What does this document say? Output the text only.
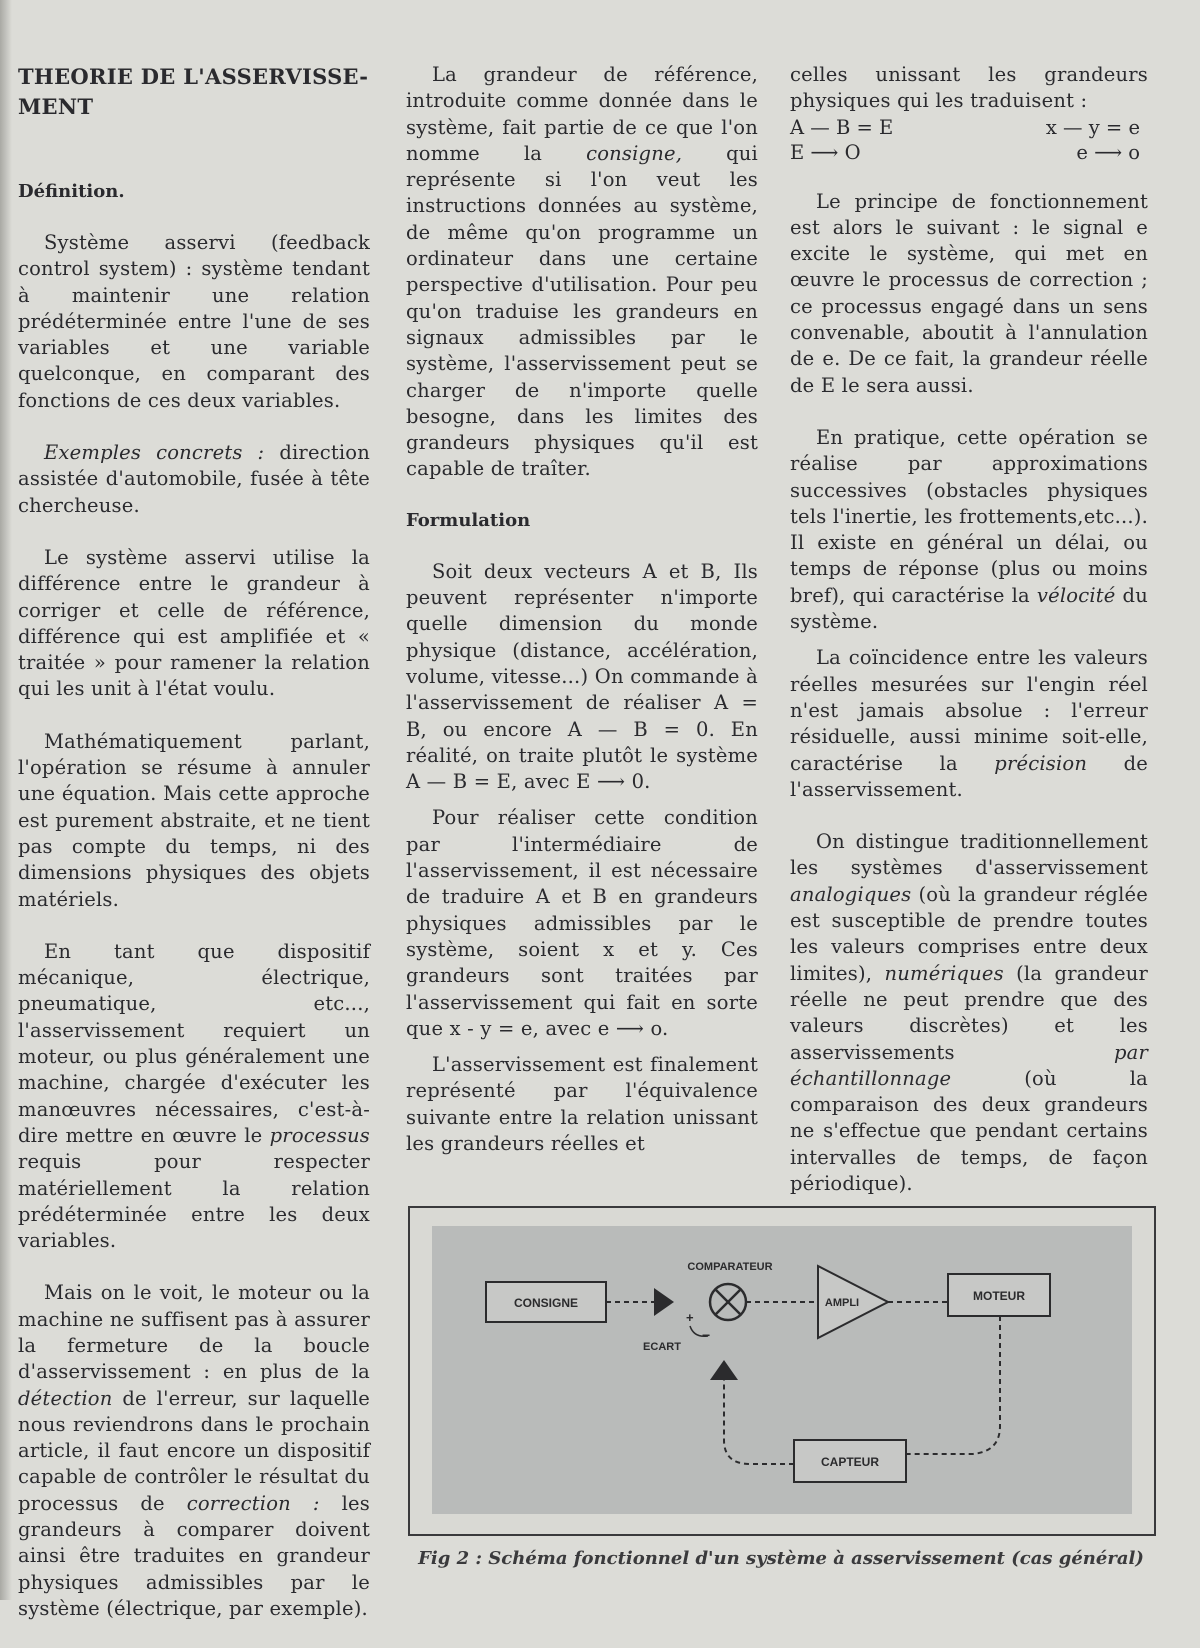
THEORIE DE L'ASSERVISSE-MENT
Définition.

Système asservi (feedback control system) : système tendant à maintenir une relation prédéterminée entre l'une de ses variables et une variable quelconque, en comparant des fonctions de ces deux variables.

Exemples concrets : direction assistée d'automobile, fusée à tête chercheuse.

Le système asservi utilise la différence entre le grandeur à corriger et celle de référence, différence qui est amplifiée et « traitée » pour ramener la relation qui les unit à l'état voulu.

Mathématiquement parlant, l'opération se résume à annuler une équation. Mais cette approche est purement abstraite, et ne tient pas compte du temps, ni des dimensions physiques des objets matériels.

En tant que dispositif mécanique, électrique, pneumatique, etc..., l'asservissement requiert un moteur, ou plus généralement une machine, chargée d'exécuter les manœuvres nécessaires, c'est-à-dire mettre en œuvre le processus requis pour respecter matériellement la relation prédéterminée entre les deux variables.

Mais on le voit, le moteur ou la machine ne suffisent pas à assurer la fermeture de la boucle d'asservissement : en plus de la détection de l'erreur, sur laquelle nous reviendrons dans le prochain article, il faut encore un dispositif capable de contrôler le résultat du processus de correction : les grandeurs à comparer doivent ainsi être traduites en grandeur physiques admissibles par le système (électrique, par exemple).

La grandeur de référence, introduite comme donnée dans le système, fait partie de ce que l'on nomme la consigne, qui représente si l'on veut les instructions données au système, de même qu'on programme un ordinateur dans une certaine perspective d'utilisation. Pour peu qu'on traduise les grandeurs en signaux admissibles par le système, l'asservissement peut se charger de n'importe quelle besogne, dans les limites des grandeurs physiques qu'il est capable de traîter.

Formulation

Soit deux vecteurs A et B, Ils peuvent représenter n'importe quelle dimension du monde physique (distance, accélération, volume, vitesse...) On commande à l'asservissement de réaliser A = B, ou encore A — B = 0. En réalité, on traite plutôt le système A — B = E, avec E ⟶ 0.

Pour réaliser cette condition par l'intermédiaire de l'asservissement, il est nécessaire de traduire A et B en grandeurs physiques admissibles par le système, soient x et y. Ces grandeurs sont traitées par l'asservissement qui fait en sorte que x - y = e, avec e ⟶ o.

L'asservissement est finalement représenté par l'équivalence suivante entre la relation unissant les grandeurs réelles et

celles unissant les grandeurs physiques qui les traduisent :

A — B = E	x — y = e
E ⟶ O	e ⟶ o

Le principe de fonctionnement est alors le suivant : le signal e excite le système, qui met en œuvre le processus de correction ; ce processus engagé dans un sens convenable, aboutit à l'annulation de e. De ce fait, la grandeur réelle de E le sera aussi.

En pratique, cette opération se réalise par approximations successives (obstacles physiques tels l'inertie, les frottements,etc...). Il existe en général un délai, ou temps de réponse (plus ou moins bref), qui caractérise la vélocité du système.

La coïncidence entre les valeurs réelles mesurées sur l'engin réel n'est jamais absolue : l'erreur résiduelle, aussi minime soit-elle, caractérise la précision de l'asservissement.

On distingue traditionnellement les systèmes d'asservissement analogiques (où la grandeur réglée est susceptible de prendre toutes les valeurs comprises entre deux limites), numériques (la grandeur réelle ne peut prendre que des valeurs discrètes) et les asservissements par échantillonnage (où la comparaison des deux grandeurs ne s'effectue que pendant certains intervalles de temps, de façon périodique).

CONSIGNE
COMPARATEUR
+
−
ECART
AMPLI	MOTEUR
CAPTEUR
Fig 2 : Schéma fonctionnel d'un système à asservissement (cas général)
